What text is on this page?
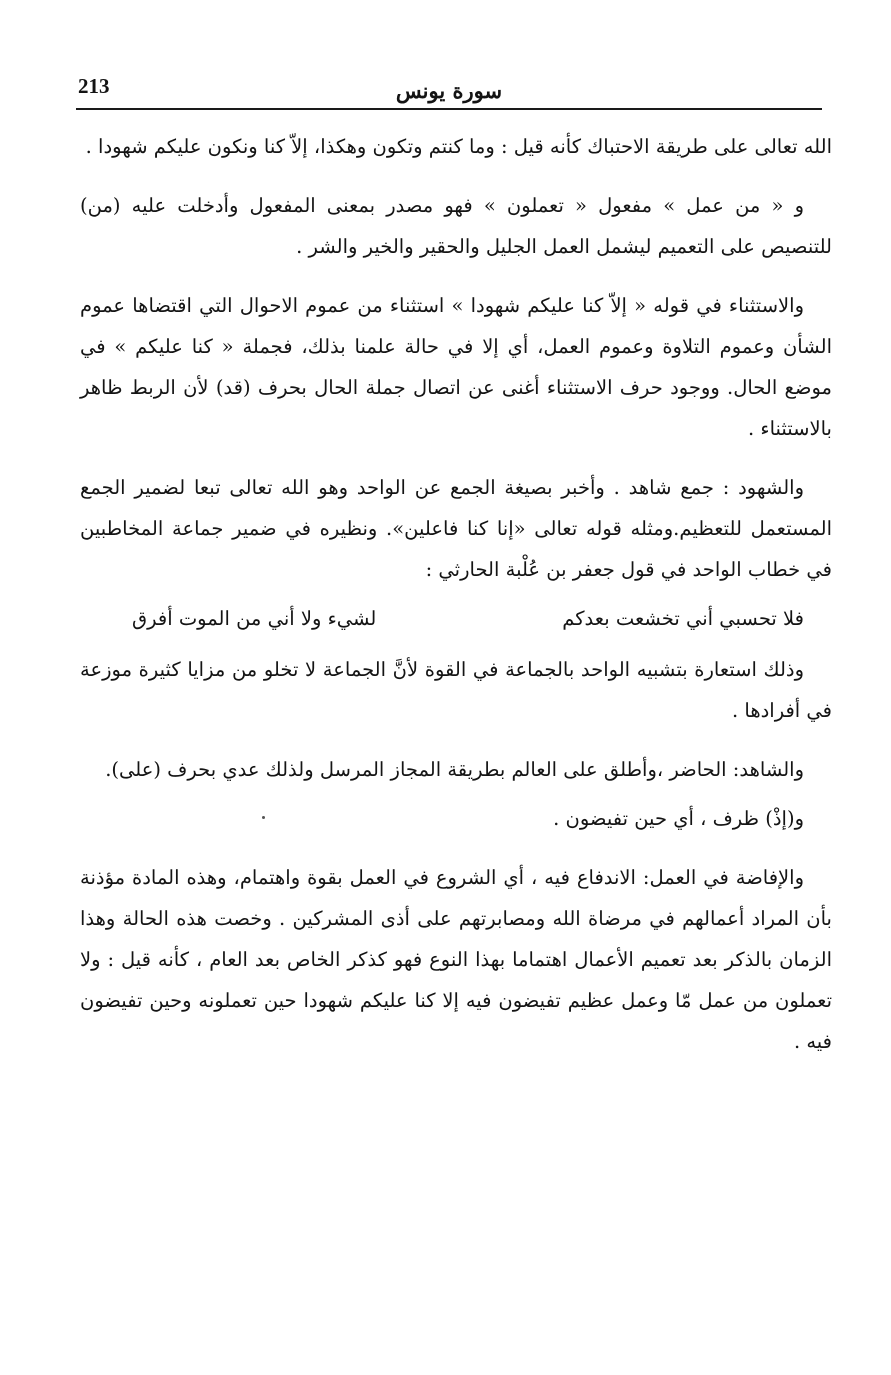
213	سورة يونس

الله تعالى على طريقة الاحتباك كأنه قيل : وما كنتم وتكون وهكذا، إلاّ كنا ونكون عليكم شهودا .

و « من عمل » مفعول « تعملون » فهو مصدر بمعنى المفعول وأدخلت عليه (من) للتنصيص على التعميم ليشمل العمل الجليل والحقير والخير والشر .

والاستثناء في قوله « إلاّ كنا عليكم شهودا » استثناء من عموم الاحوال التي اقتضاها عموم الشأن وعموم التلاوة وعموم العمل، أي إلا في حالة علمنا بذلك، فجملة « كنا عليكم » في موضع الحال. ووجود حرف الاستثناء أغنى عن اتصال جملة الحال بحرف (قد) لأن الربط ظاهر بالاستثناء .

والشهود : جمع شاهد . وأخبر بصيغة الجمع عن الواحد وهو الله تعالى تبعا لضمير الجمع المستعمل للتعظيم.ومثله قوله تعالى «إنا كنا فاعلين». ونظيره في ضمير جماعة المخاطبين في خطاب الواحد في قول جعفر بن عُلْبة الحارثي :

فلا تحسبي أني تخشعت بعدكم
لشيء ولا أني من الموت أفرق

وذلك استعارة بتشبيه الواحد بالجماعة في القوة لأنَّ الجماعة لا تخلو من مزايا كثيرة موزعة في أفرادها .

والشاهد: الحاضر ،وأطلق على العالم بطريقة المجاز المرسل ولذلك عدي بحرف (على).

و(إذْ) ظرف ، أي حين تفيضون .

والإفاضة في العمل: الاندفاع فيه ، أي الشروع في العمل بقوة واهتمام، وهذه المادة مؤذنة بأن المراد أعمالهم في مرضاة الله ومصابرتهم على أذى المشركين . وخصت هذه الحالة وهذا الزمان بالذكر بعد تعميم الأعمال اهتماما بهذا النوع فهو كذكر الخاص بعد العام ، كأنه قيل : ولا تعملون من عمل مّا وعمل عظيم تفيضون فيه إلا كنا عليكم شهودا حين تعملونه وحين تفيضون فيه .
